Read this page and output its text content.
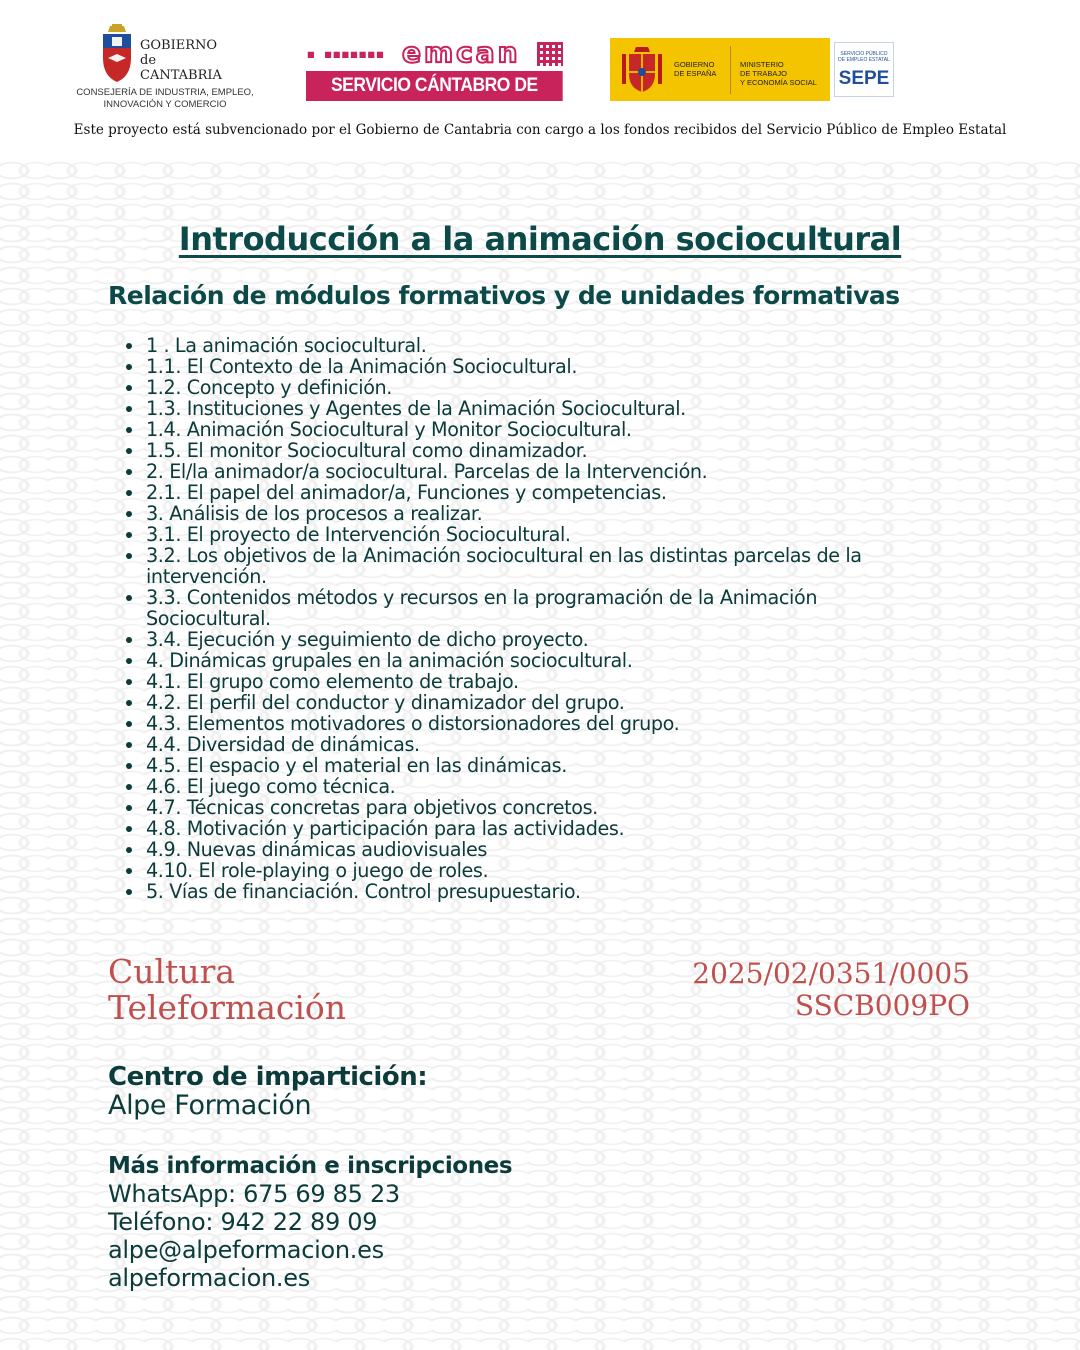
GOBIERNO
de
CANTABRIA
CONSEJERÍA DE INDUSTRIA, EMPLEO,
INNOVACIÓN Y COMERCIO
▪ ▪▪▪▪▪▪▪ emcan
SERVICIO CÁNTABRO DE EMPLEO
GOBIERNO
DE ESPAÑA
MINISTERIO
DE TRABAJO
Y ECONOMÍA SOCIAL
SERVICIO PÚBLICO
DE EMPLEO ESTATAL
SEPE
Este proyecto está subvencionado por el Gobierno de Cantabria con cargo a los fondos recibidos del Servicio Público de Empleo Estatal
Introducción a la animación sociocultural
Relación de módulos formativos y de unidades formativas
1 . La animación sociocultural.
1.1. El Contexto de la Animación Sociocultural.
1.2. Concepto y definición.
1.3. Instituciones y Agentes de la Animación Sociocultural.
1.4. Animación Sociocultural y Monitor Sociocultural.
1.5. El monitor Sociocultural como dinamizador.
2. El/la animador/a sociocultural. Parcelas de la Intervención.
2.1. El papel del animador/a, Funciones y competencias.
3. Análisis de los procesos a realizar.
3.1. El proyecto de Intervención Sociocultural.
3.2. Los objetivos de la Animación sociocultural en las distintas parcelas de la intervención.
3.3. Contenidos métodos y recursos en la programación de la Animación Sociocultural.
3.4. Ejecución y seguimiento de dicho proyecto.
4. Dinámicas grupales en la animación sociocultural.
4.1. El grupo como elemento de trabajo.
4.2. El perfil del conductor y dinamizador del grupo.
4.3. Elementos motivadores o distorsionadores del grupo.
4.4. Diversidad de dinámicas.
4.5. El espacio y el material en las dinámicas.
4.6. El juego como técnica.
4.7. Técnicas concretas para objetivos concretos.
4.8. Motivación y participación para las actividades.
4.9. Nuevas dinámicas audiovisuales
4.10. El role-playing o juego de roles.
5. Vías de financiación. Control presupuestario.
Cultura
Teleformación
2025/02/0351/0005
SSCB009PO
Centro de impartición:
Alpe Formación
Más información e inscripciones
WhatsApp: 675 69 85 23
Teléfono: 942 22 89 09
alpe@alpeformacion.es
alpeformacion.es
